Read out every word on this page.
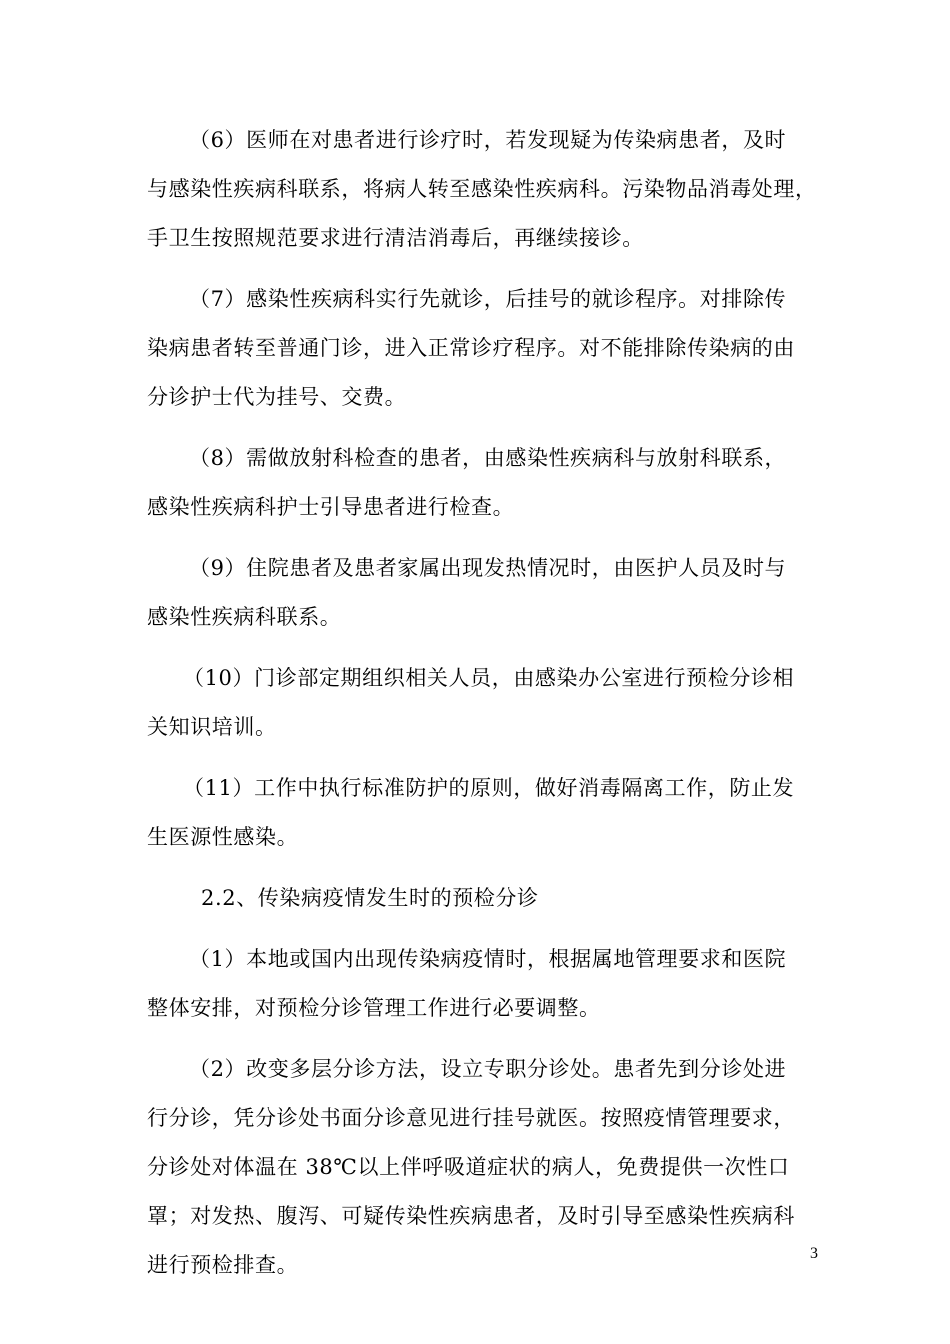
（6）医师在对患者进行诊疗时，若发现疑为传染病患者，及时
与感染性疾病科联系，将病人转至感染性疾病科。污染物品消毒处理，
手卫生按照规范要求进行清洁消毒后，再继续接诊。

（7）感染性疾病科实行先就诊，后挂号的就诊程序。对排除传
染病患者转至普通门诊，进入正常诊疗程序。对不能排除传染病的由
分诊护士代为挂号、交费。

（8）需做放射科检查的患者，由感染性疾病科与放射科联系，
感染性疾病科护士引导患者进行检查。

（9）住院患者及患者家属出现发热情况时，由医护人员及时与
感染性疾病科联系。

（10）门诊部定期组织相关人员，由感染办公室进行预检分诊相
关知识培训。

（11）工作中执行标准防护的原则，做好消毒隔离工作，防止发
生医源性感染。

2.2、传染病疫情发生时的预检分诊

（1）本地或国内出现传染病疫情时，根据属地管理要求和医院
整体安排，对预检分诊管理工作进行必要调整。

（2）改变多层分诊方法，设立专职分诊处。患者先到分诊处进
行分诊，凭分诊处书面分诊意见进行挂号就医。按照疫情管理要求，
分诊处对体温在 38℃以上伴呼吸道症状的病人，免费提供一次性口
罩；对发热、腹泻、可疑传染性疾病患者，及时引导至感染性疾病科
进行预检排查。	3
